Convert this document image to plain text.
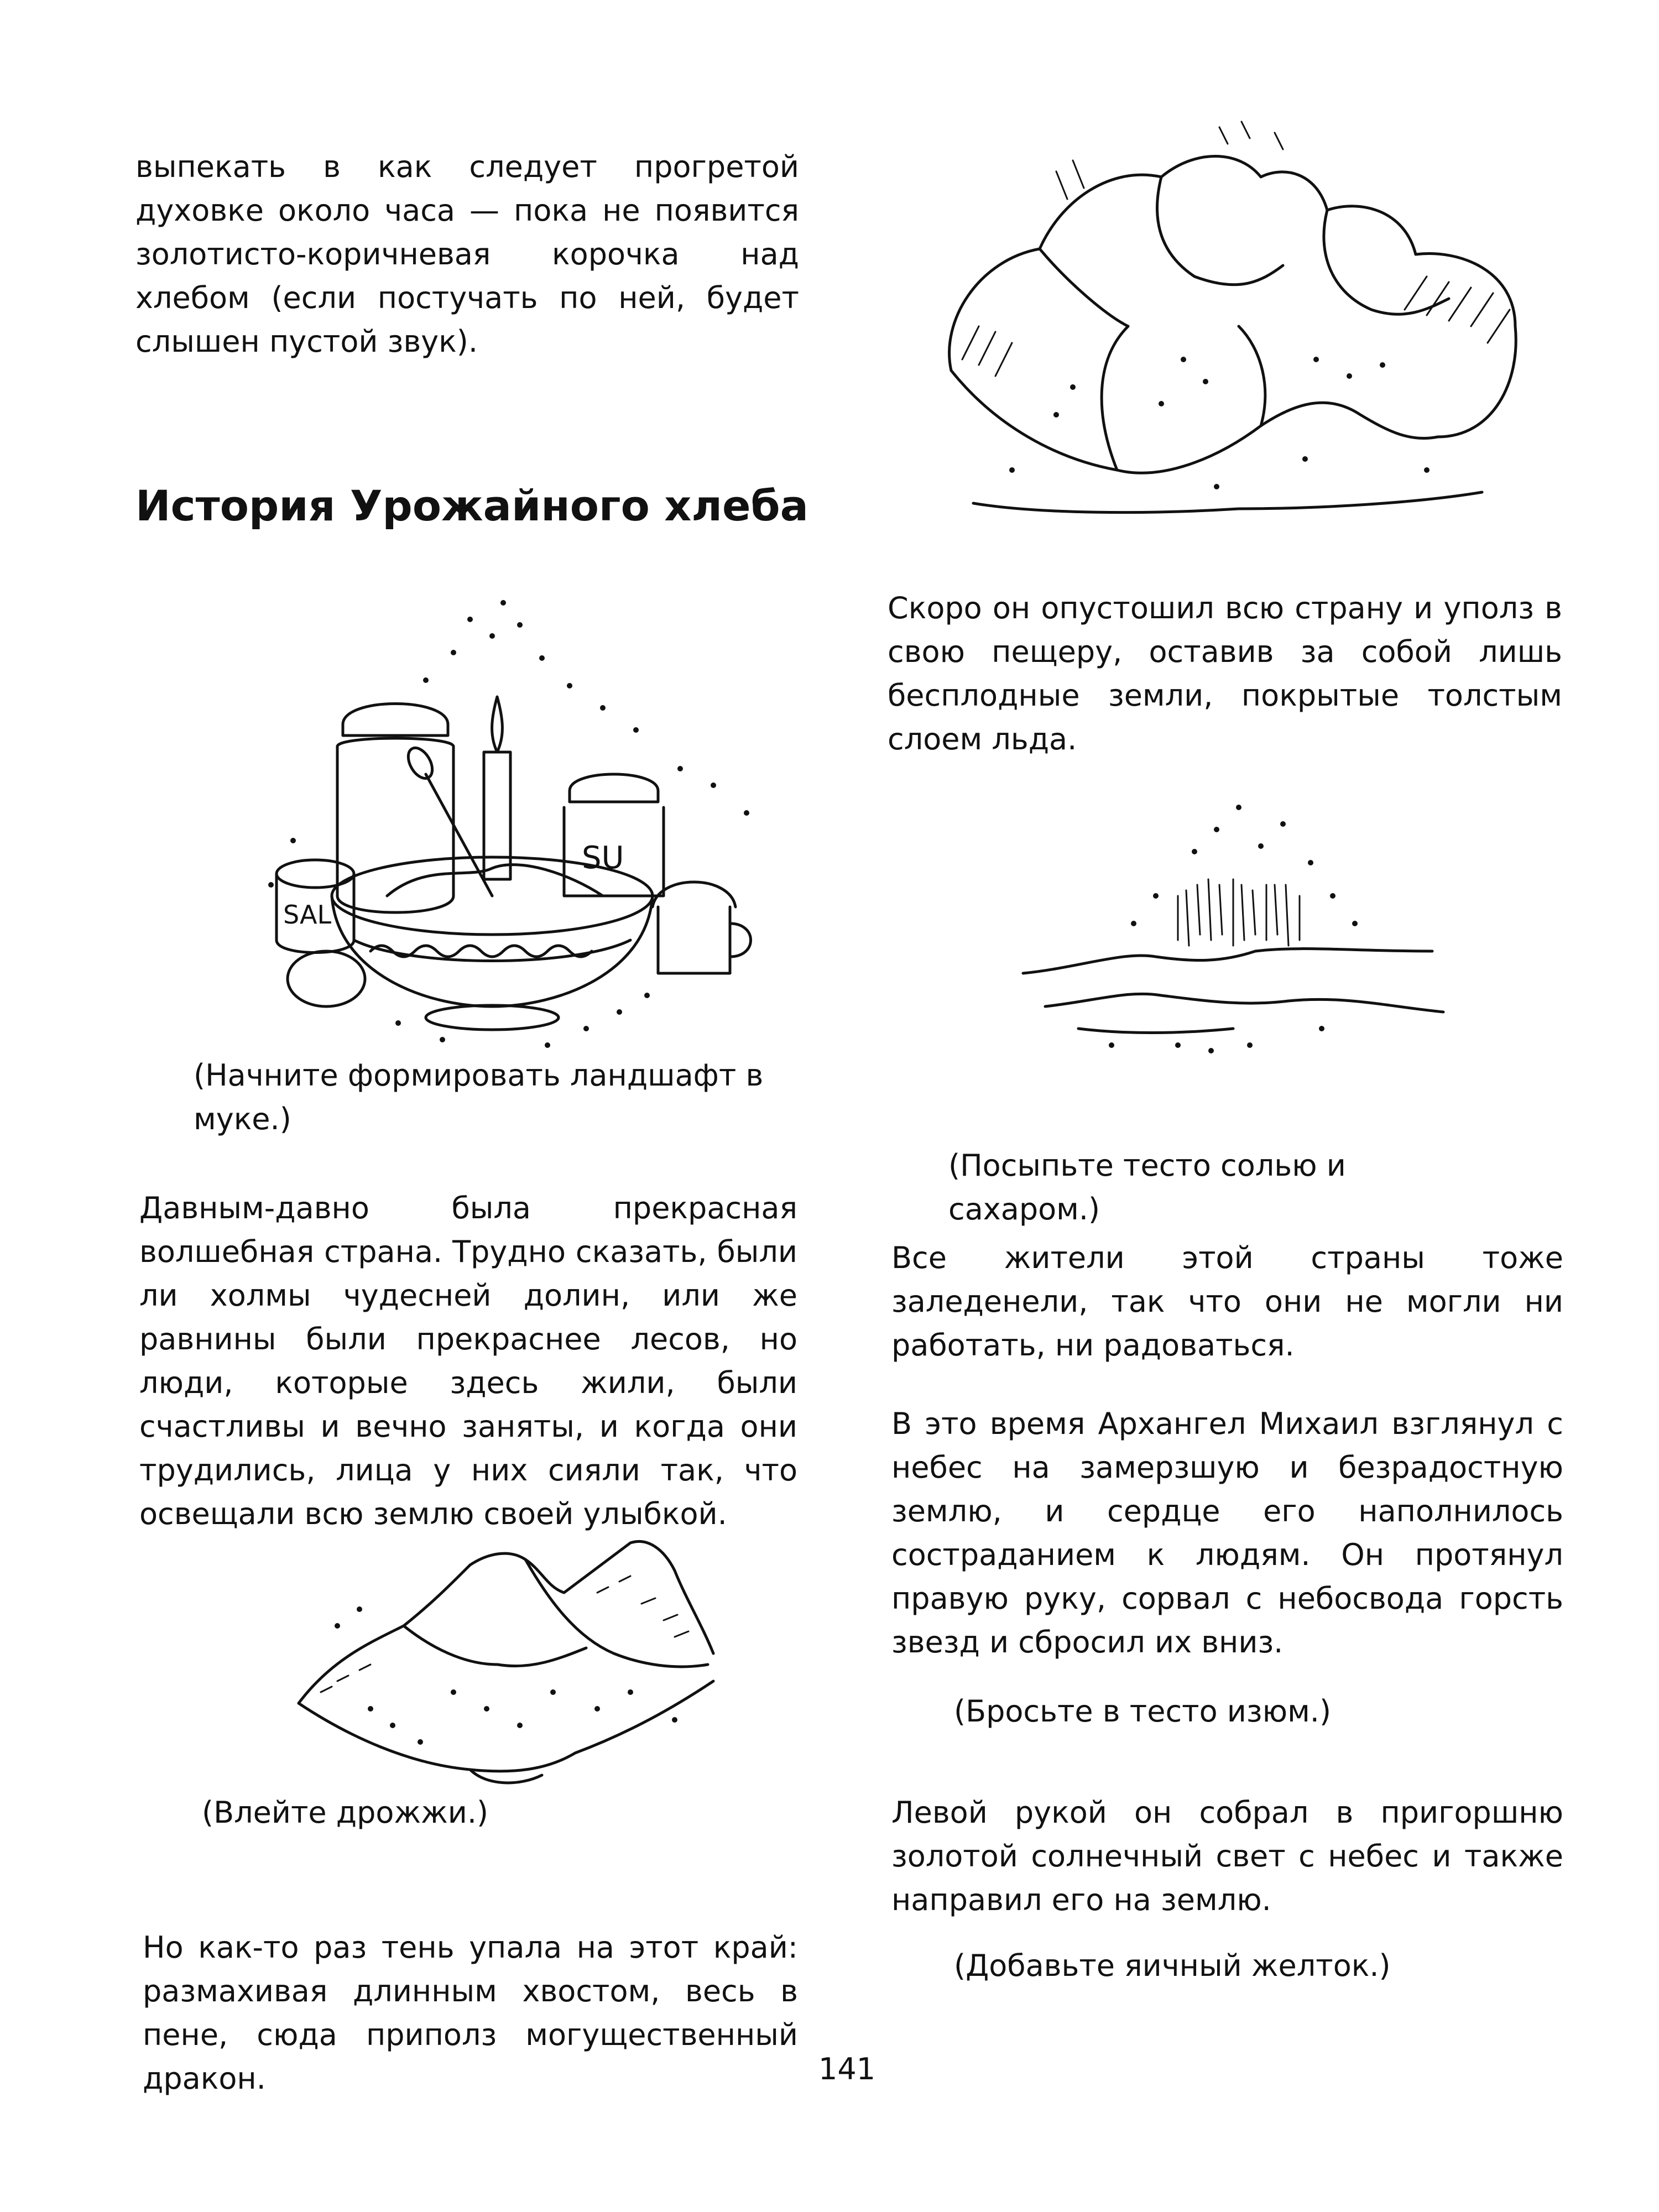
выпекать в как следует прогретой духовке около часа — пока не появится золотисто-коричневая корочка над хлебом (если постучать по ней, будет слышен пустой звук).

История Урожайного хлеба
SU
SAL

(Начните формировать ландшафт в муке.)

Давным-давно была прекрасная волшебная страна. Трудно сказать, были ли холмы чудесней долин, или же равнины были прекраснее лесов, но люди, которые здесь жили, были счастливы и вечно заняты, и когда они трудились, лица у них сияли так, что освещали всю землю своей улыбкой.

(Влейте дрожжи.)

Но как-то раз тень упала на этот край: размахивая длинным хвостом, весь в пене, сюда приполз могущественный дракон.

Скоро он опустошил всю страну и уполз в свою пещеру, оставив за собой лишь бесплодные земли, покрытые толстым слоем льда.

(Посыпьте тесто солью и сахаром.)

Все жители этой страны тоже заледенели, так что они не могли ни работать, ни радоваться.

В это время Архангел Михаил взглянул с небес на замерзшую и безрадостную землю, и сердце его наполнилось состраданием к людям. Он протянул правую руку, сорвал с небосвода горсть звезд и сбросил их вниз.

(Бросьте в тесто изюм.)

Левой рукой он собрал в пригоршню золотой солнечный свет с небес и также направил его на землю.

(Добавьте яичный желток.)

141
